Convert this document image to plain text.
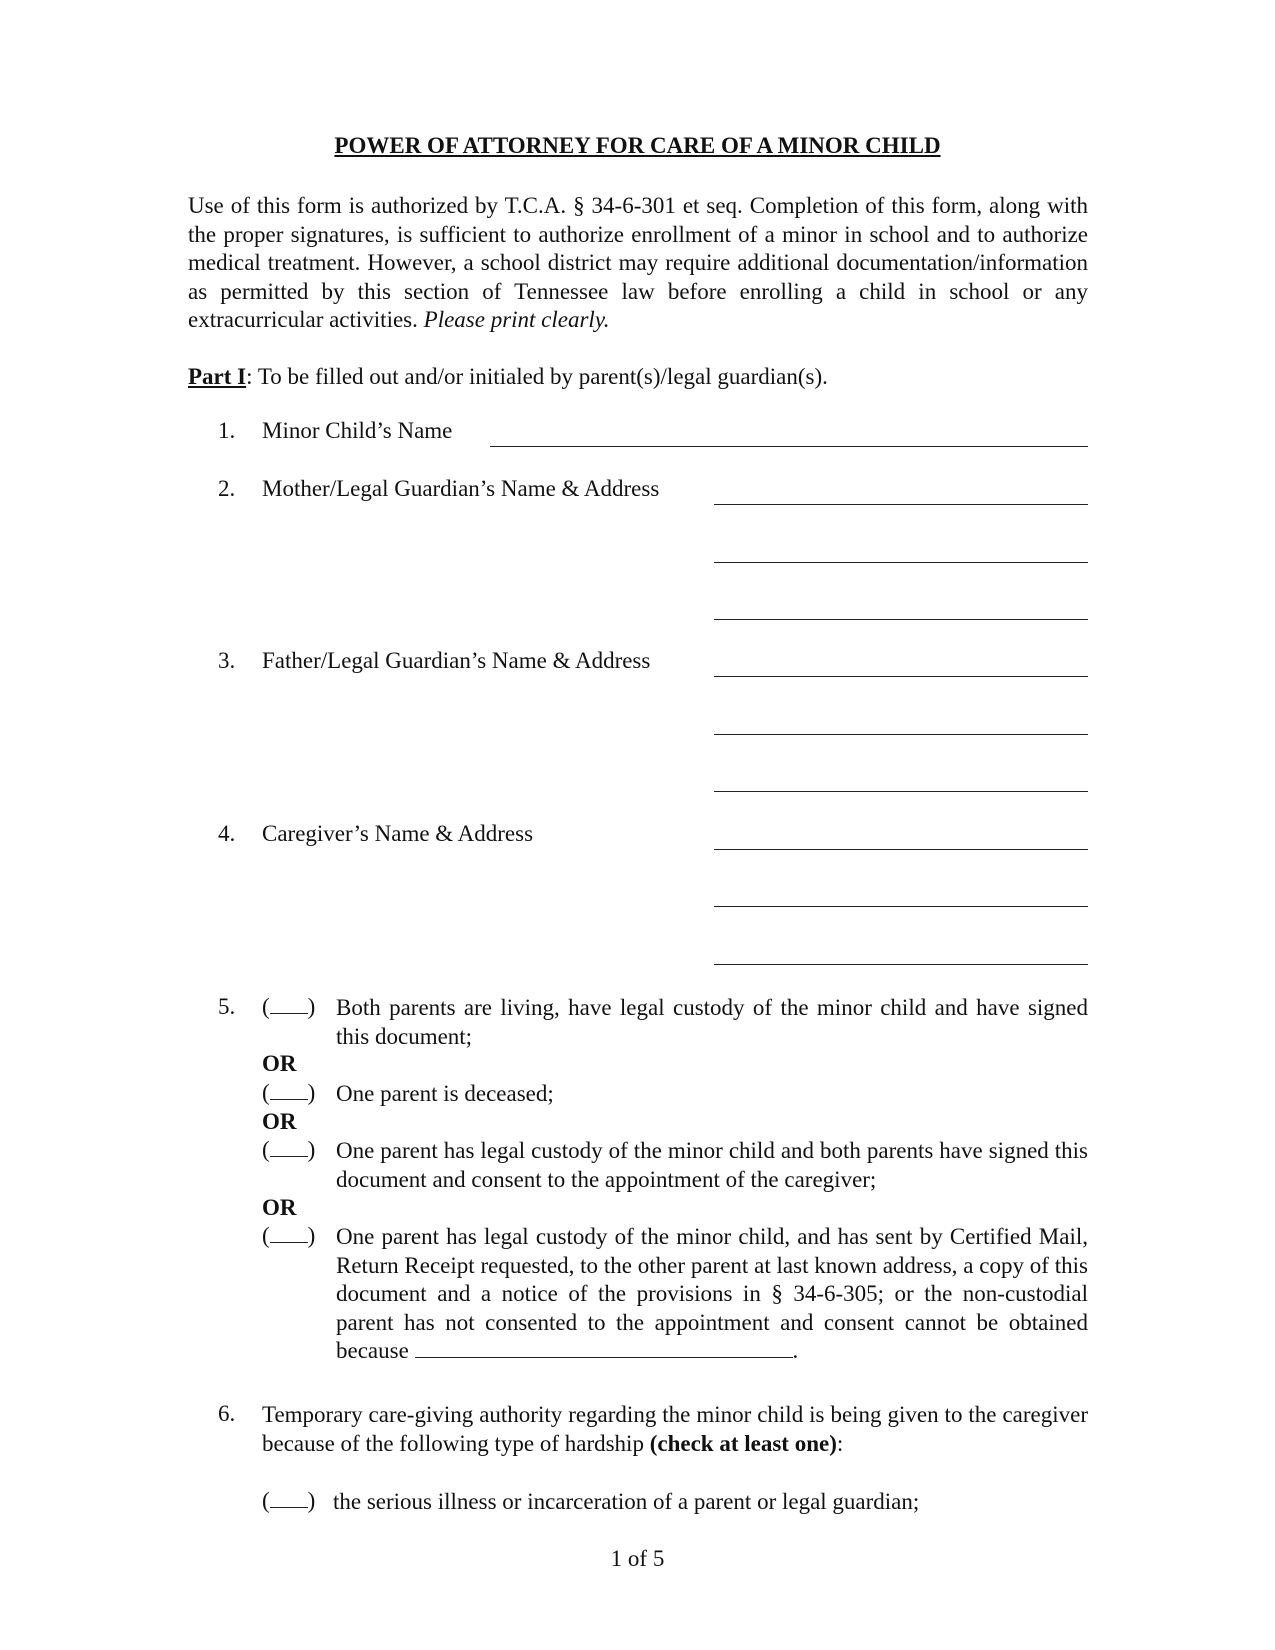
POWER OF ATTORNEY FOR CARE OF A MINOR CHILD
Use of this form is authorized by T.C.A. § 34-6-301 et seq. Completion of this form, along with the proper signatures, is sufficient to authorize enrollment of a minor in school and to authorize medical treatment. However, a school district may require additional documentation/information as permitted by this section of Tennessee law before enrolling a child in school or any extracurricular activities. Please print clearly.
Part I: To be filled out and/or initialed by parent(s)/legal guardian(s).
1. Minor Child’s Name
2. Mother/Legal Guardian’s Name & Address
3. Father/Legal Guardian’s Name & Address
4. Caregiver’s Name & Address
5. ( ) Both parents are living, have legal custody of the minor child and have signed this document;
OR
( ) One parent is deceased;
OR
( ) One parent has legal custody of the minor child and both parents have signed this document and consent to the appointment of the caregiver;
OR
( ) One parent has legal custody of the minor child, and has sent by Certified Mail, Return Receipt requested, to the other parent at last known address, a copy of this document and a notice of the provisions in § 34-6-305; or the non-custodial parent has not consented to the appointment and consent cannot be obtained because	.
6. Temporary care-giving authority regarding the minor child is being given to the caregiver because of the following type of hardship (check at least one):
( ) the serious illness or incarceration of a parent or legal guardian;
1 of 5
